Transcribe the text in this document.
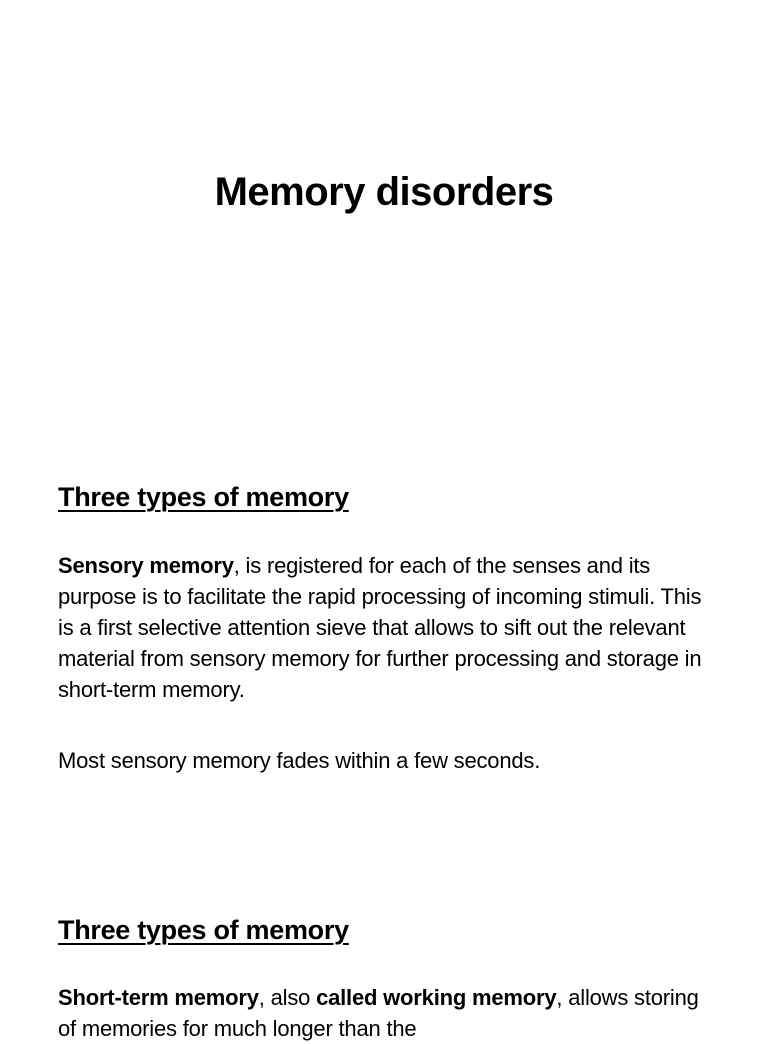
Memory disorders
Three types of memory

Sensory memory, is registered for each of the senses and its purpose is to facilitate the rapid processing of incoming stimuli. This is a first selective attention sieve that allows to sift out the relevant material from sensory memory for further processing and storage in short-term memory.

Most sensory memory fades within a few seconds.

Three types of memory

Short-term memory, also called working memory, allows storing of memories for much longer than the
